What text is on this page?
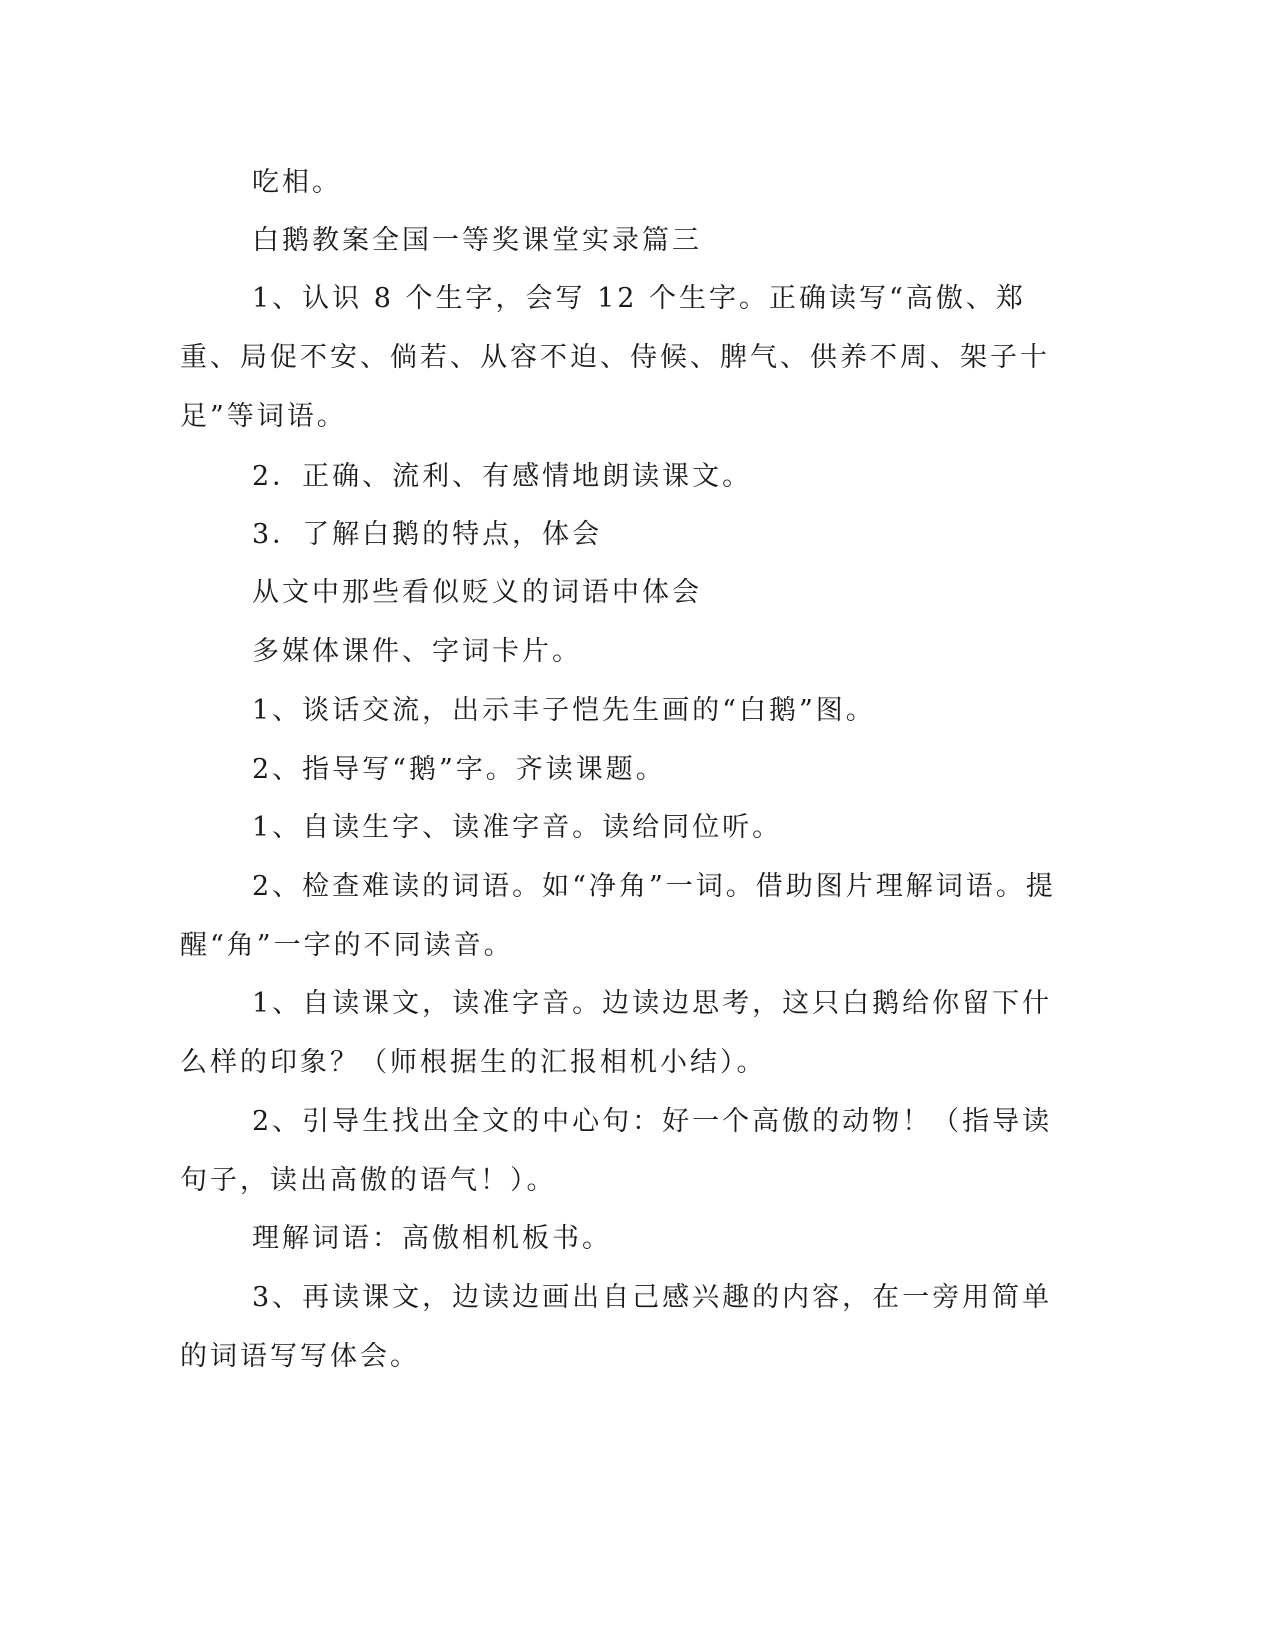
吃相。

白鹅教案全国一等奖课堂实录篇三

1、认识 8 个生字，会写 12 个生字。正确读写“高傲、郑重、局促不安、倘若、从容不迫、侍候、脾气、供养不周、架子十足”等词语。

2．正确、流利、有感情地朗读课文。

3．了解白鹅的特点，体会

从文中那些看似贬义的词语中体会

多媒体课件、字词卡片。

1、谈话交流，出示丰子恺先生画的“白鹅”图。

2、指导写“鹅”字。齐读课题。

1、自读生字、读准字音。读给同位听。

2、检查难读的词语。如“净角”一词。借助图片理解词语。提醒“角”一字的不同读音。

1、自读课文，读准字音。边读边思考，这只白鹅给你留下什么样的印象？（师根据生的汇报相机小结）。

2、引导生找出全文的中心句：好一个高傲的动物！（指导读句子，读出高傲的语气！）。

理解词语：高傲相机板书。

3、再读课文，边读边画出自己感兴趣的内容，在一旁用简单的词语写写体会。
